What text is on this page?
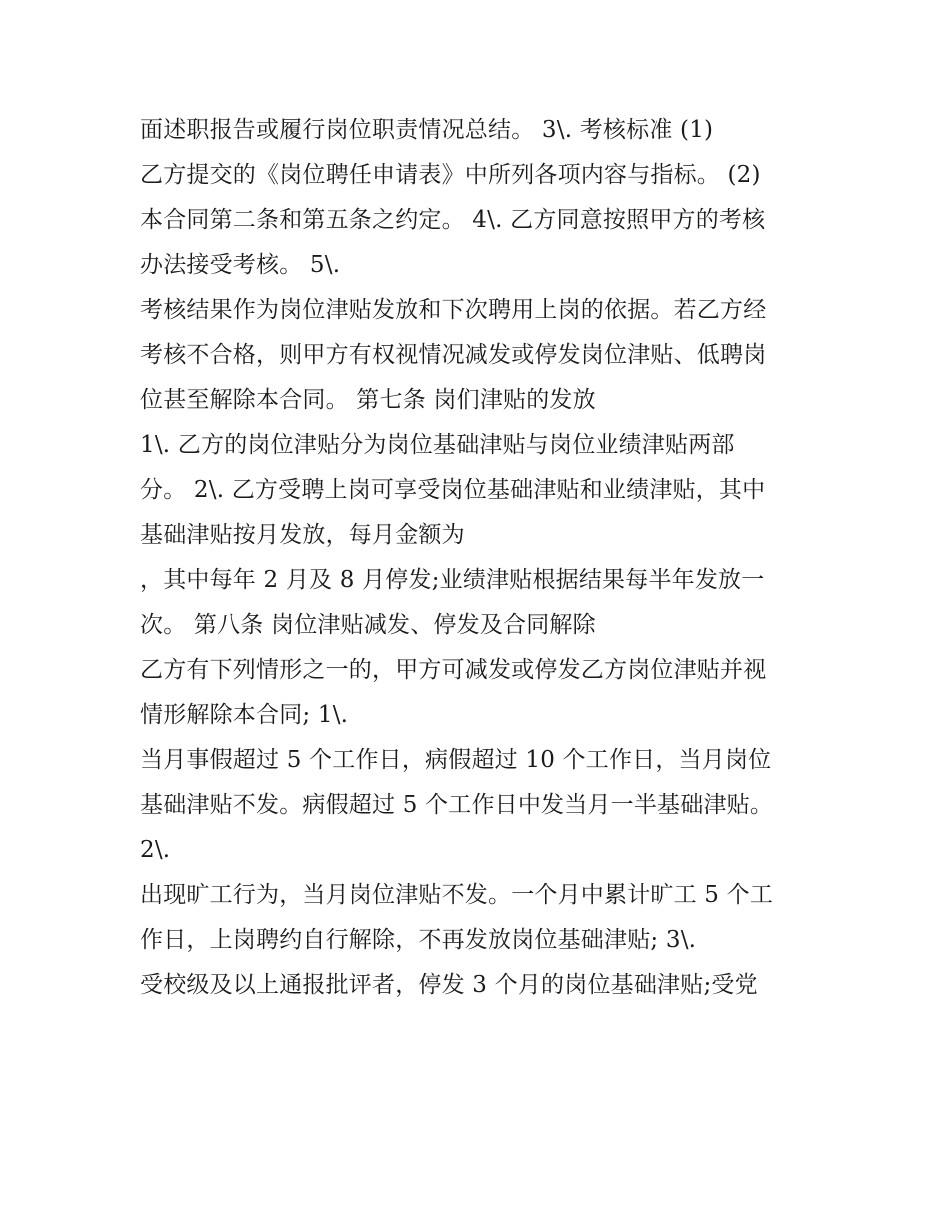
面述职报告或履行岗位职责情况总结。 3\. 考核标准 (1)
乙方提交的《岗位聘任申请表》中所列各项内容与指标。 (2)
本合同第二条和第五条之约定。 4\. 乙方同意按照甲方的考核
办法接受考核。 5\.
考核结果作为岗位津贴发放和下次聘用上岗的依据。若乙方经
考核不合格，则甲方有权视情况减发或停发岗位津贴、低聘岗
位甚至解除本合同。 第七条 岗们津贴的发放
1\. 乙方的岗位津贴分为岗位基础津贴与岗位业绩津贴两部
分。 2\. 乙方受聘上岗可享受岗位基础津贴和业绩津贴，其中
基础津贴按月发放，每月金额为
，其中每年 2 月及 8 月停发;业绩津贴根据结果每半年发放一
次。 第八条 岗位津贴减发、停发及合同解除
乙方有下列情形之一的，甲方可减发或停发乙方岗位津贴并视
情形解除本合同; 1\.
当月事假超过 5 个工作日，病假超过 10 个工作日，当月岗位
基础津贴不发。病假超过 5 个工作日中发当月一半基础津贴。
2\.
出现旷工行为，当月岗位津贴不发。一个月中累计旷工 5 个工
作日，上岗聘约自行解除，不再发放岗位基础津贴; 3\.
受校级及以上通报批评者，停发 3 个月的岗位基础津贴;受党
